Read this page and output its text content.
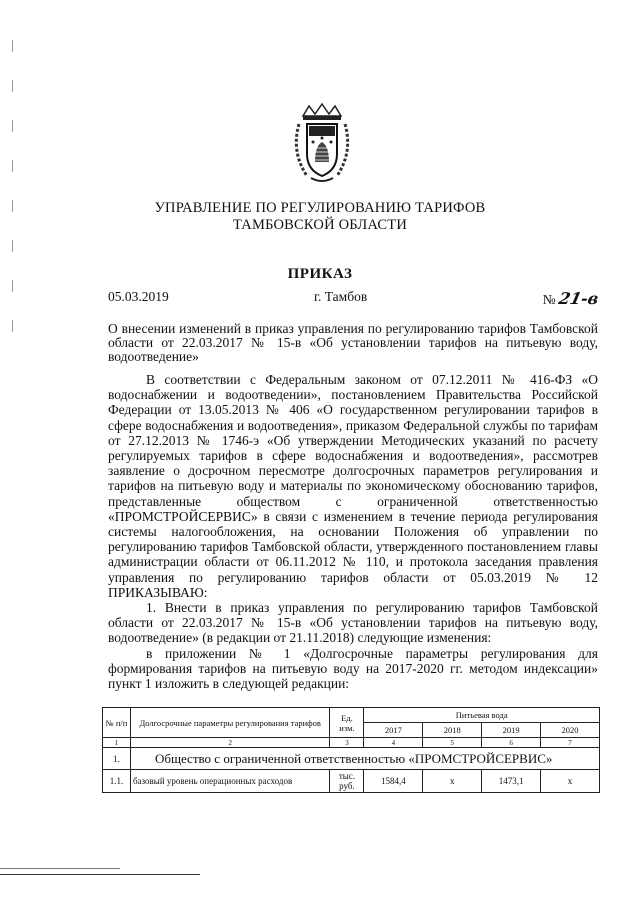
УПРАВЛЕНИЕ ПО РЕГУЛИРОВАНИЮ ТАРИФОВ
ТАМБОВСКОЙ ОБЛАСТИ
ПРИКАЗ
05.03.2019	г. Тамбов	№21-в
О внесении изменений в приказ управления по регулированию тарифов Тамбовской области от 22.03.2017 № 15-в «Об установлении тарифов на питьевую воду, водоотведение»

В соответствии с Федеральным законом от 07.12.2011 № 416-ФЗ «О водоснабжении и водоотведении», постановлением Правительства Российской Федерации от 13.05.2013 № 406 «О государственном регулировании тарифов в сфере водоснабжения и водоотведения», приказом Федеральной службы по тарифам от 27.12.2013 № 1746-э «Об утверждении Методических указаний по расчету регулируемых тарифов в сфере водоснабжения и водоотведения», рассмотрев заявление о досрочном пересмотре долгосрочных параметров регулирования и тарифов на питьевую воду и материалы по экономическому обоснованию тарифов, представленные обществом с ограниченной ответственностью «ПРОМСТРОЙСЕРВИС» в связи с изменением в течение периода регулирования системы налогообложения, на основании Положения об управлении по регулированию тарифов Тамбовской области, утвержденного постановлением главы администрации области от 06.11.2012 № 110, и протокола заседания правления управления по регулированию тарифов области от 05.03.2019 № 12 ПРИКАЗЫВАЮ:

1. Внести в приказ управления по регулированию тарифов Тамбовской области от 22.03.2017 № 15-в «Об установлении тарифов на питьевую воду, водоотведение» (в редакции от 21.11.2018) следующие изменения:

в приложении № 1 «Долгосрочные параметры регулирования для формирования тарифов на питьевую воду на 2017-2020 гг. методом индексации» пункт 1 изложить в следующей редакции:

№ п/п	Долгосрочные параметры регулирования тарифов	Ед. изм.	Питьевая вода			
			2017	2018	2019	2020
1	2	3	4	5	6	7
1.	Общество с ограниченной ответственностью «ПРОМСТРОЙСЕРВИС»					
1.1.	базовый уровень операционных расходов	тыс. руб.	1584,4	х	1473,1	х
